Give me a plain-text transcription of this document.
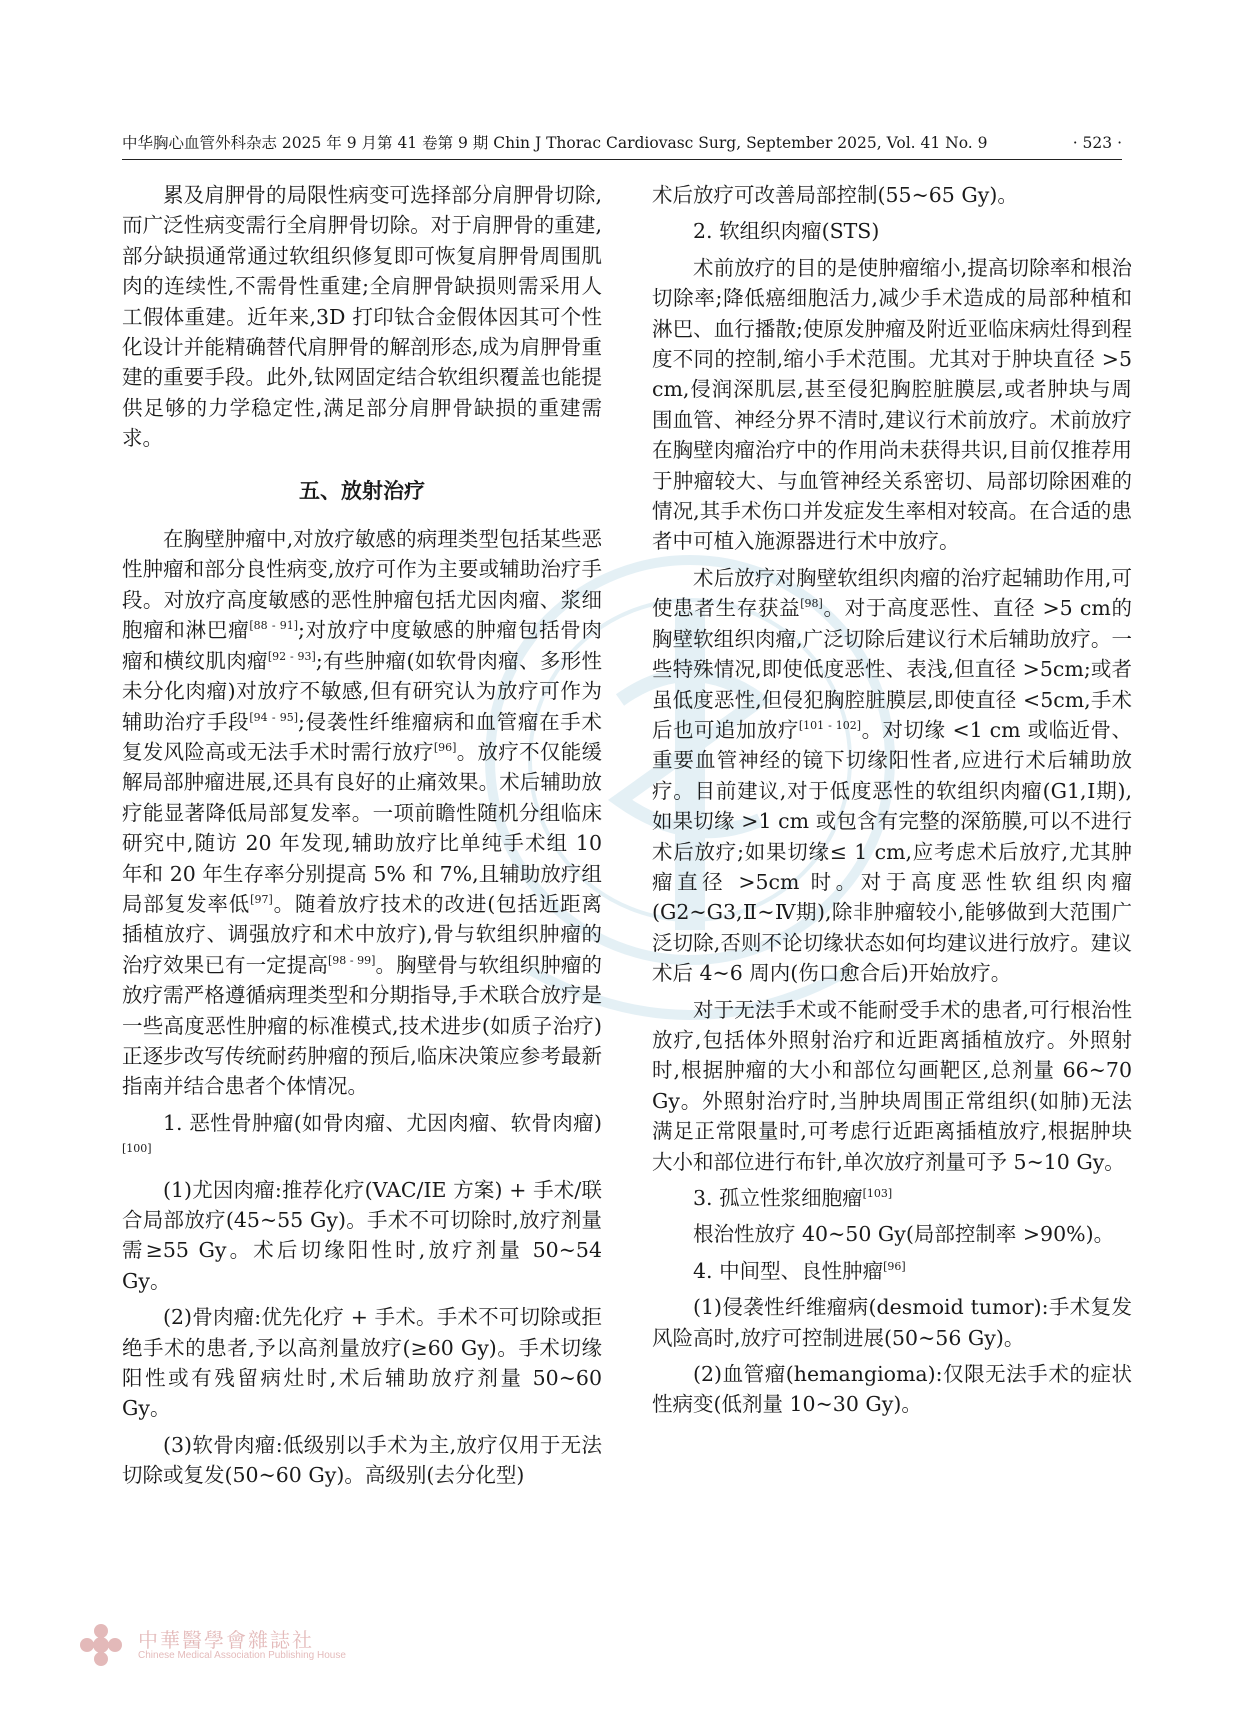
中华胸心血管外科杂志 2025 年 9 月第 41 卷第 9 期 Chin J Thorac Cardiovasc Surg, September 2025, Vol. 41 No. 9	· 523 ·

累及肩胛骨的局限性病变可选择部分肩胛骨切除,而广泛性病变需行全肩胛骨切除。对于肩胛骨的重建,部分缺损通常通过软组织修复即可恢复肩胛骨周围肌肉的连续性,不需骨性重建;全肩胛骨缺损则需采用人工假体重建。近年来,3D 打印钛合金假体因其可个性化设计并能精确替代肩胛骨的解剖形态,成为肩胛骨重建的重要手段。此外,钛网固定结合软组织覆盖也能提供足够的力学稳定性,满足部分肩胛骨缺损的重建需求。

五、放射治疗

在胸壁肿瘤中,对放疗敏感的病理类型包括某些恶性肿瘤和部分良性病变,放疗可作为主要或辅助治疗手段。对放疗高度敏感的恶性肿瘤包括尤因肉瘤、浆细胞瘤和淋巴瘤[88 - 91];对放疗中度敏感的肿瘤包括骨肉瘤和横纹肌肉瘤[92 - 93];有些肿瘤(如软骨肉瘤、多形性未分化肉瘤)对放疗不敏感,但有研究认为放疗可作为辅助治疗手段[94 - 95];侵袭性纤维瘤病和血管瘤在手术复发风险高或无法手术时需行放疗[96]。放疗不仅能缓解局部肿瘤进展,还具有良好的止痛效果。术后辅助放疗能显著降低局部复发率。一项前瞻性随机分组临床研究中,随访 20 年发现,辅助放疗比单纯手术组 10 年和 20 年生存率分别提高 5% 和 7%,且辅助放疗组局部复发率低[97]。随着放疗技术的改进(包括近距离插植放疗、调强放疗和术中放疗),骨与软组织肿瘤的治疗效果已有一定提高[98 - 99]。胸壁骨与软组织肿瘤的放疗需严格遵循病理类型和分期指导,手术联合放疗是一些高度恶性肿瘤的标准模式,技术进步(如质子治疗)正逐步改写传统耐药肿瘤的预后,临床决策应参考最新指南并结合患者个体情况。

1. 恶性骨肿瘤(如骨肉瘤、尤因肉瘤、软骨肉瘤)[100]

(1)尤因肉瘤:推荐化疗(VAC/IE 方案) + 手术/联合局部放疗(45~55 Gy)。手术不可切除时,放疗剂量需≥55 Gy。术后切缘阳性时,放疗剂量 50~54 Gy。

(2)骨肉瘤:优先化疗 + 手术。手术不可切除或拒绝手术的患者,予以高剂量放疗(≥60 Gy)。手术切缘阳性或有残留病灶时,术后辅助放疗剂量 50~60 Gy。

(3)软骨肉瘤:低级别以手术为主,放疗仅用于无法切除或复发(50~60 Gy)。高级别(去分化型)

术后放疗可改善局部控制(55~65 Gy)。

2. 软组织肉瘤(STS)

术前放疗的目的是使肿瘤缩小,提高切除率和根治切除率;降低癌细胞活力,减少手术造成的局部种植和淋巴、血行播散;使原发肿瘤及附近亚临床病灶得到程度不同的控制,缩小手术范围。尤其对于肿块直径 >5 cm,侵润深肌层,甚至侵犯胸腔脏膜层,或者肿块与周围血管、神经分界不清时,建议行术前放疗。术前放疗在胸壁肉瘤治疗中的作用尚未获得共识,目前仅推荐用于肿瘤较大、与血管神经关系密切、局部切除困难的情况,其手术伤口并发症发生率相对较高。在合适的患者中可植入施源器进行术中放疗。

术后放疗对胸壁软组织肉瘤的治疗起辅助作用,可使患者生存获益[98]。对于高度恶性、直径 >5 cm的胸壁软组织肉瘤,广泛切除后建议行术后辅助放疗。一些特殊情况,即使低度恶性、表浅,但直径 >5cm;或者虽低度恶性,但侵犯胸腔脏膜层,即使直径 <5cm,手术后也可追加放疗[101 - 102]。对切缘 <1 cm 或临近骨、重要血管神经的镜下切缘阳性者,应进行术后辅助放疗。目前建议,对于低度恶性的软组织肉瘤(G1,Ⅰ期),如果切缘 >1 cm 或包含有完整的深筋膜,可以不进行术后放疗;如果切缘≤ 1 cm,应考虑术后放疗,尤其肿瘤直径 >5cm 时。对于高度恶性软组织肉瘤(G2~G3,Ⅱ~Ⅳ期),除非肿瘤较小,能够做到大范围广泛切除,否则不论切缘状态如何均建议进行放疗。建议术后 4~6 周内(伤口愈合后)开始放疗。

对于无法手术或不能耐受手术的患者,可行根治性放疗,包括体外照射治疗和近距离插植放疗。外照射时,根据肿瘤的大小和部位勾画靶区,总剂量 66~70 Gy。外照射治疗时,当肿块周围正常组织(如肺)无法满足正常限量时,可考虑行近距离插植放疗,根据肿块大小和部位进行布针,单次放疗剂量可予 5~10 Gy。

3. 孤立性浆细胞瘤[103]

根治性放疗 40~50 Gy(局部控制率 >90%)。

4. 中间型、良性肿瘤[96]

(1)侵袭性纤维瘤病(desmoid tumor):手术复发风险高时,放疗可控制进展(50~56 Gy)。

(2)血管瘤(hemangioma):仅限无法手术的症状性病变(低剂量 10~30 Gy)。

中華醫學會雜誌社
Chinese Medical Association Publishing House
